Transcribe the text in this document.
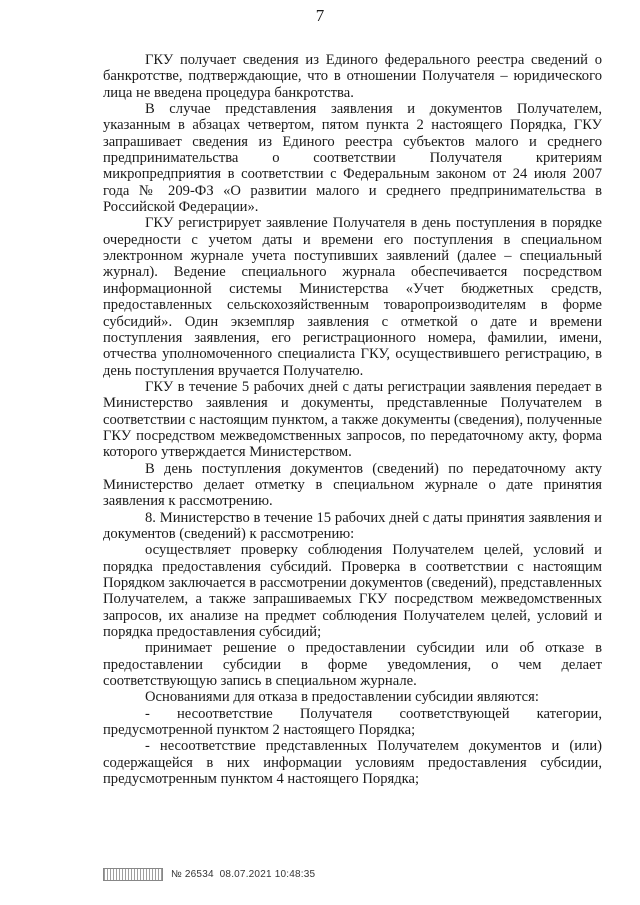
7

ГКУ получает сведения из Единого федерального реестра сведений о банкротстве, подтверждающие, что в отношении Получателя – юридического лица не введена процедура банкротства.

В случае представления заявления и документов Получателем, указанным в абзацах четвертом, пятом пункта 2 настоящего Порядка, ГКУ запрашивает сведения из Единого реестра субъектов малого и среднего предпринимательства о соответствии Получателя критериям микропредприятия в соответствии с Федеральным законом от 24 июля 2007 года № 209-ФЗ «О развитии малого и среднего предпринимательства в Российской Федерации».

ГКУ регистрирует заявление Получателя в день поступления в порядке очередности с учетом даты и времени его поступления в специальном электронном журнале учета поступивших заявлений (далее – специальный журнал). Ведение специального журнала обеспечивается посредством информационной системы Министерства «Учет бюджетных средств, предоставленных сельскохозяйственным товаропроизводителям в форме субсидий». Один экземпляр заявления с отметкой о дате и времени поступления заявления, его регистрационного номера, фамилии, имени, отчества уполномоченного специалиста ГКУ, осуществившего регистрацию, в день поступления вручается Получателю.

ГКУ в течение 5 рабочих дней с даты регистрации заявления передает в Министерство заявления и документы, представленные Получателем в соответствии с настоящим пунктом, а также документы (сведения), полученные ГКУ посредством межведомственных запросов, по передаточному акту, форма которого утверждается Министерством.

В день поступления документов (сведений) по передаточному акту Министерство делает отметку в специальном журнале о дате принятия заявления к рассмотрению.

8. Министерство в течение 15 рабочих дней с даты принятия заявления и документов (сведений) к рассмотрению:

осуществляет проверку соблюдения Получателем целей, условий и порядка предоставления субсидий. Проверка в соответствии с настоящим Порядком заключается в рассмотрении документов (сведений), представленных Получателем, а также запрашиваемых ГКУ посредством межведомственных запросов, их анализе на предмет соблюдения Получателем целей, условий и порядка предоставления субсидий;

принимает решение о предоставлении субсидии или об отказе в предоставлении субсидии в форме уведомления, о чем делает соответствующую запись в специальном журнале.

Основаниями для отказа в предоставлении субсидии являются:

- несоответствие Получателя соответствующей категории, предусмотренной пунктом 2 настоящего Порядка;

- несоответствие представленных Получателем документов и (или) содержащейся в них информации условиям предоставления субсидии, предусмотренным пунктом 4 настоящего Порядка;

№ 26534  08.07.2021 10:48:35
